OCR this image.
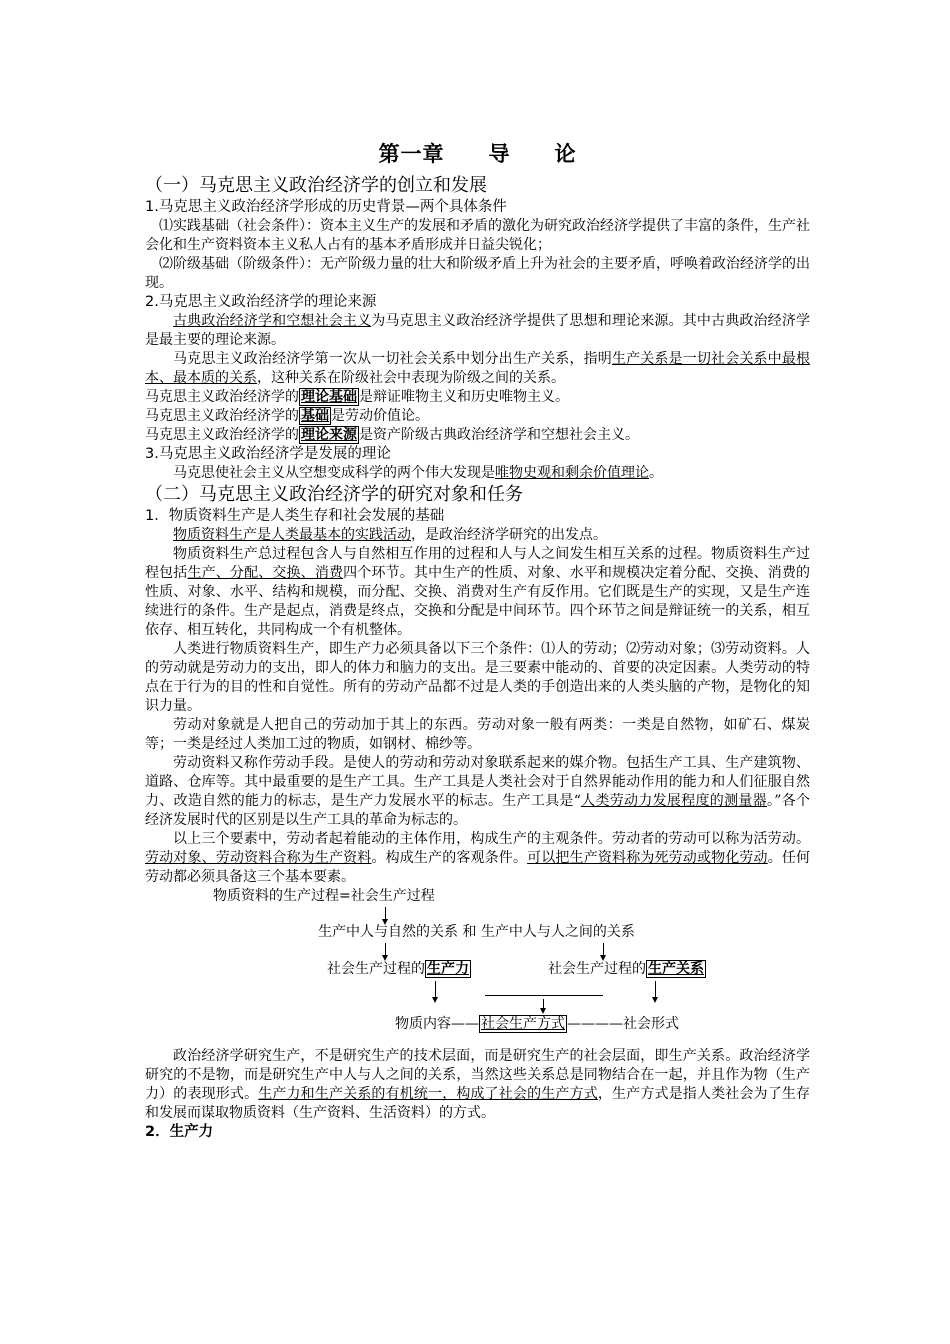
第一章 导 论

（一）马克思主义政治经济学的创立和发展

1.马克思主义政治经济学形成的历史背景—两个具体条件

⑴实践基础（社会条件）：资本主义生产的发展和矛盾的激化为研究政治经济学提供了丰富的条件，生产社会化和生产资料资本主义私人占有的基本矛盾形成并日益尖锐化；

⑵阶级基础（阶级条件）：无产阶级力量的壮大和阶级矛盾上升为社会的主要矛盾，呼唤着政治经济学的出现。

2.马克思主义政治经济学的理论来源

古典政治经济学和空想社会主义为马克思主义政治经济学提供了思想和理论来源。其中古典政治经济学是最主要的理论来源。

马克思主义政治经济学第一次从一切社会关系中划分出生产关系，指明生产关系是一切社会关系中最根本、最本质的关系，这种关系在阶级社会中表现为阶级之间的关系。

马克思主义政治经济学的 理论基础 是辩证唯物主义和历史唯物主义。

马克思主义政治经济学的 基础 是劳动价值论。

马克思主义政治经济学的 理论来源 是资产阶级古典政治经济学和空想社会主义。

3.马克思主义政治经济学是发展的理论

马克思使社会主义从空想变成科学的两个伟大发现是唯物史观和剩余价值理论。

（二）马克思主义政治经济学的研究对象和任务

1．物质资料生产是人类生存和社会发展的基础

物质资料生产是人类最基本的实践活动，是政治经济学研究的出发点。

物质资料生产总过程包含人与自然相互作用的过程和人与人之间发生相互关系的过程。物质资料生产过程包括生产、分配、交换、消费四个环节。其中生产的性质、对象、水平和规模决定着分配、交换、消费的性质、对象、水平、结构和规模，而分配、交换、消费对生产有反作用。它们既是生产的实现，又是生产连续进行的条件。生产是起点，消费是终点，交换和分配是中间环节。四个环节之间是辩证统一的关系，相互依存、相互转化，共同构成一个有机整体。

人类进行物质资料生产，即生产力必须具备以下三个条件：⑴人的劳动；⑵劳动对象；⑶劳动资料。人的劳动就是劳动力的支出，即人的体力和脑力的支出。是三要素中能动的、首要的决定因素。人类劳动的特点在于行为的目的性和自觉性。所有的劳动产品都不过是人类的手创造出来的人类头脑的产物，是物化的知识力量。

劳动对象就是人把自己的劳动加于其上的东西。劳动对象一般有两类：一类是自然物，如矿石、煤炭等；一类是经过人类加工过的物质，如钢材、棉纱等。

劳动资料又称作劳动手段。是使人的劳动和劳动对象联系起来的媒介物。包括生产工具、生产建筑物、道路、仓库等。其中最重要的是生产工具。生产工具是人类社会对于自然界能动作用的能力和人们征服自然力、改造自然的能力的标志，是生产力发展水平的标志。生产工具是“人类劳动力发展程度的测量器。”各个经济发展时代的区别是以生产工具的革命为标志的。

以上三个要素中，劳动者起着能动的主体作用，构成生产的主观条件。劳动者的劳动可以称为活劳动。劳动对象、劳动资料合称为生产资料。构成生产的客观条件。可以把生产资料称为死劳动或物化劳动。任何劳动都必须具备这三个基本要素。

物质资料的生产过程=社会生产过程
生产中人与自然的关系 和 生产中人与人之间的关系
社会生产过程的 生产力	社会生产过程的 生产关系
物质内容—— 社会生产方式 ————社会形式

政治经济学研究生产，不是研究生产的技术层面，而是研究生产的社会层面，即生产关系。政治经济学研究的不是物，而是研究生产中人与人之间的关系，当然这些关系总是同物结合在一起，并且作为物（生产力）的表现形式。生产力和生产关系的有机统一，构成了社会的生产方式，生产方式是指人类社会为了生存和发展而谋取物质资料（生产资料、生活资料）的方式。

2．生产力
